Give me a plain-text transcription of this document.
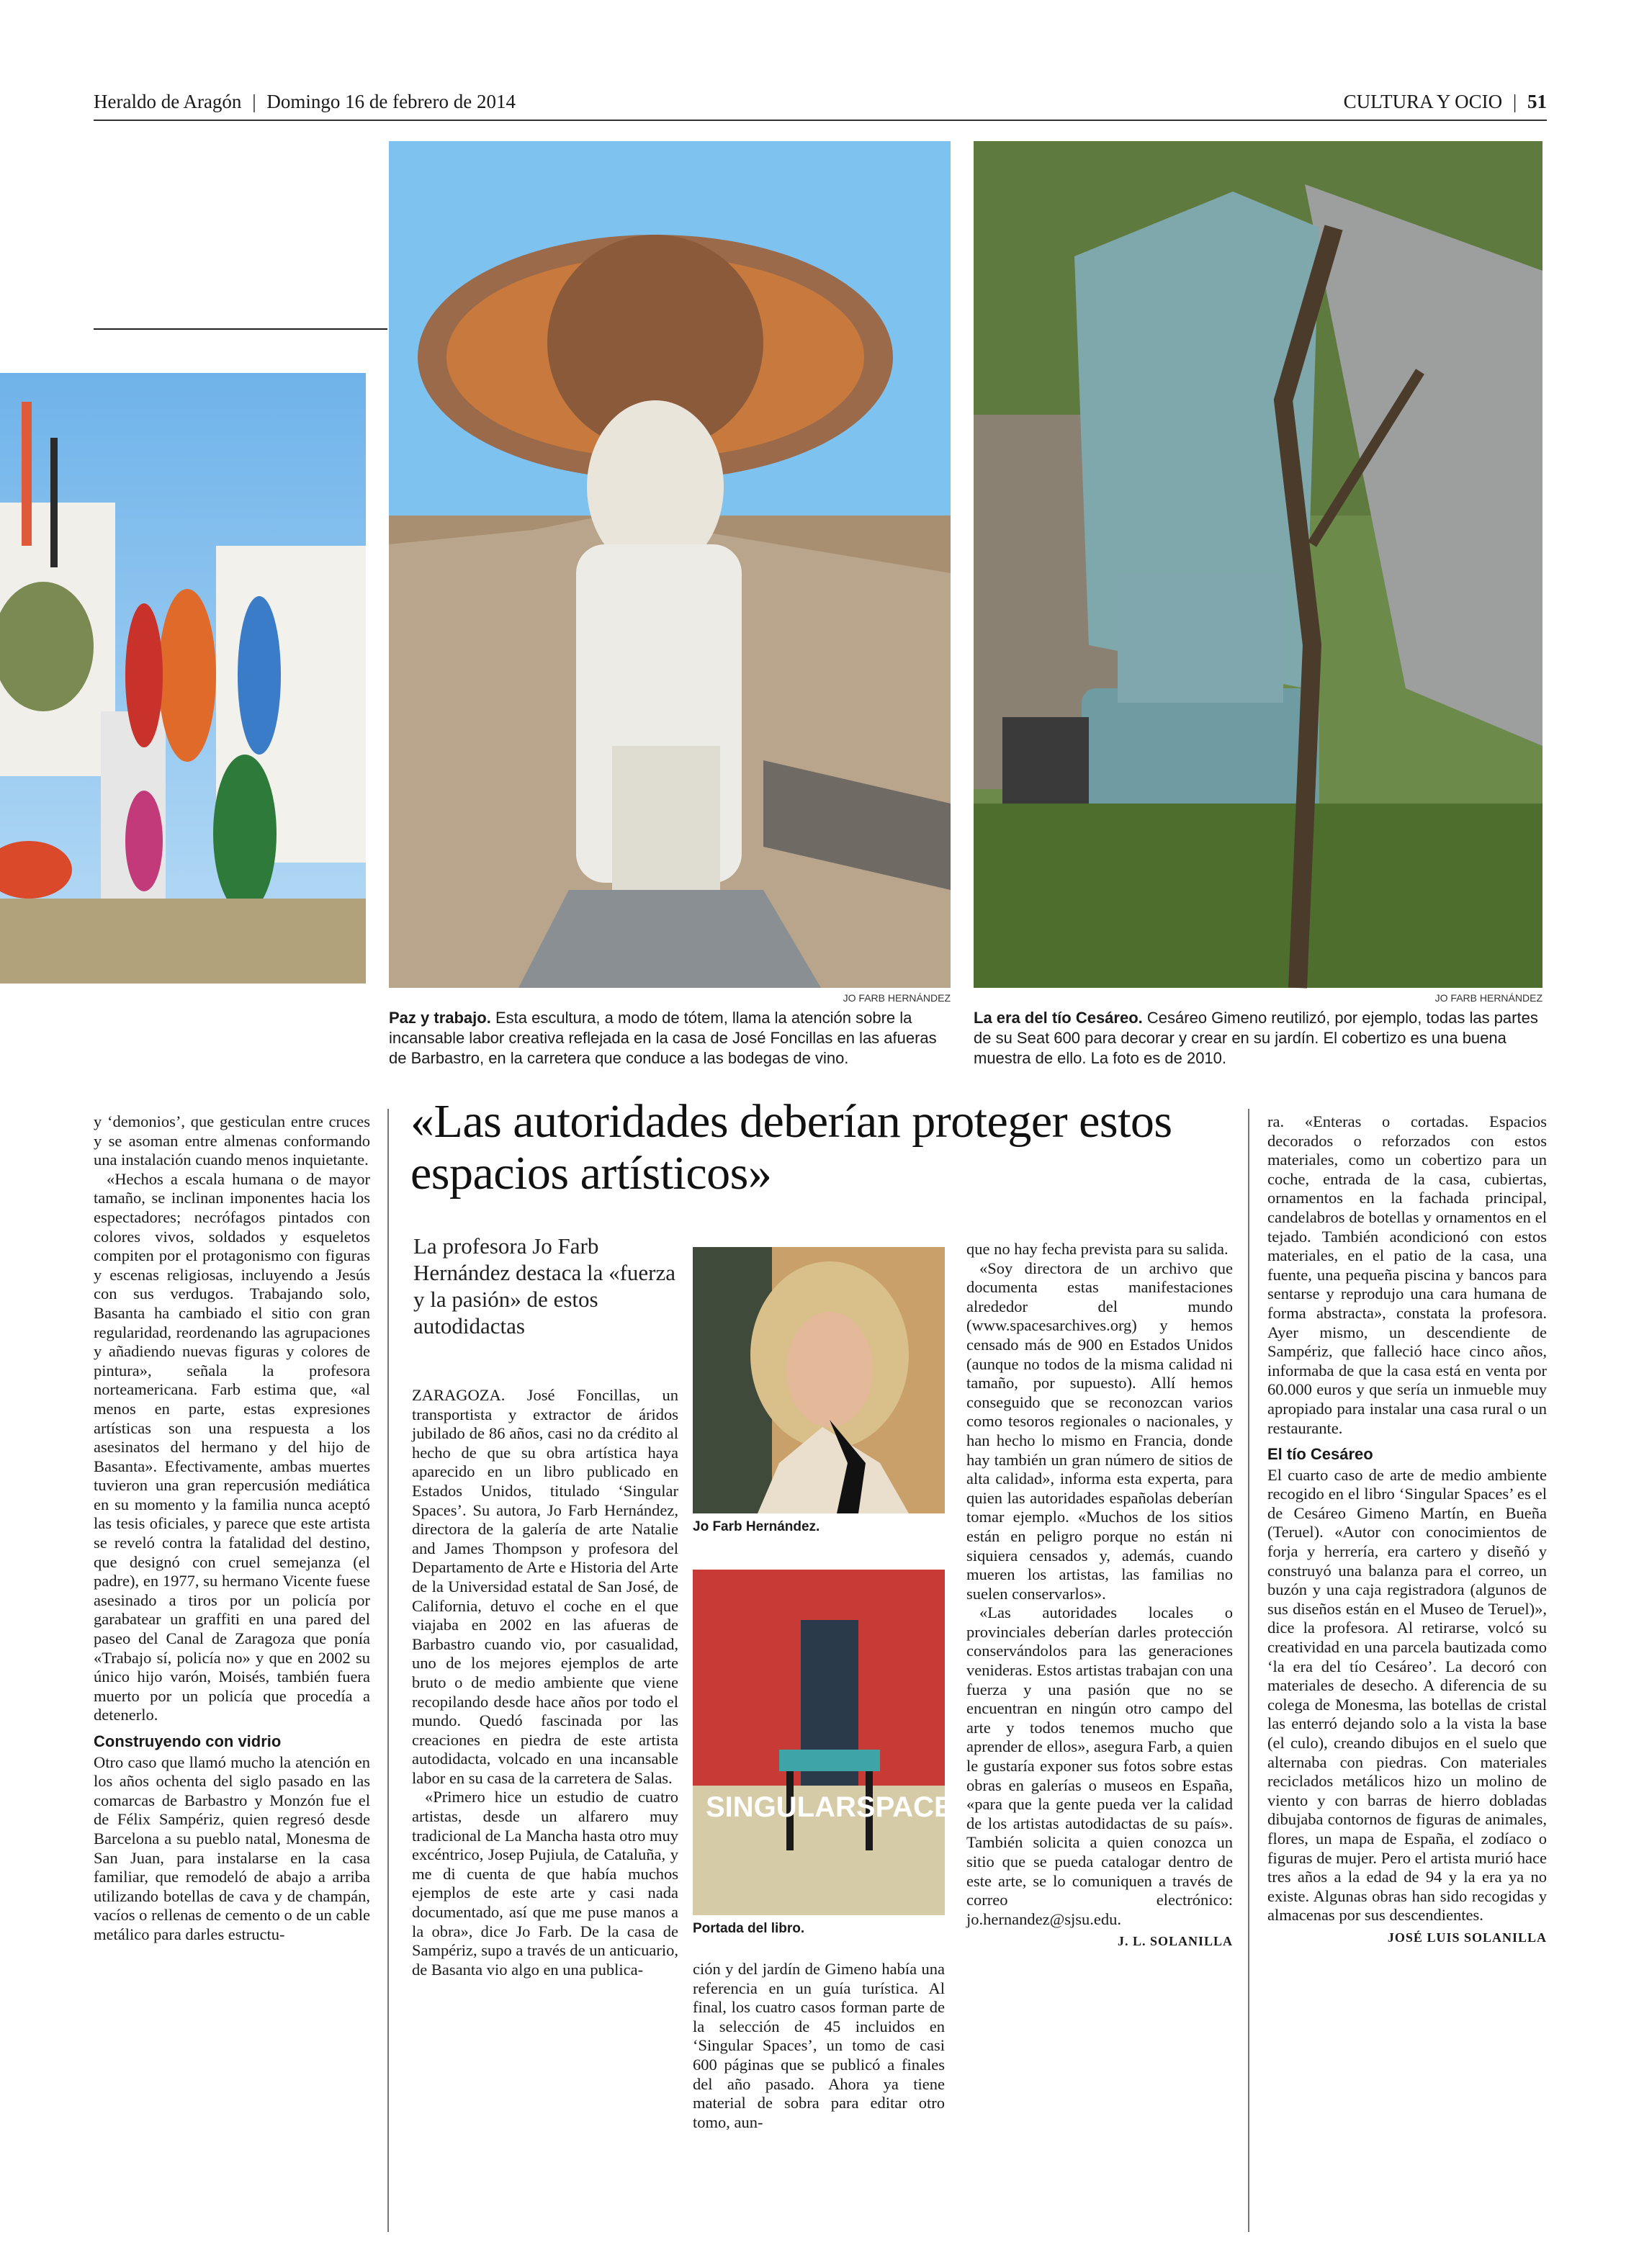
Heraldo de Aragón | Domingo 16 de febrero de 2014	CULTURA Y OCIO | 51
JO FARB HERNÁNDEZ	JO FARB HERNÁNDEZ
Paz y trabajo. Esta escultura, a modo de tótem, llama la atención sobre la incansable labor creativa reflejada en la casa de José Foncillas en las afueras de Barbastro, en la carretera que conduce a las bodegas de vino.
La era del tío Cesáreo. Cesáreo Gimeno reutilizó, por ejemplo, todas las partes de su Seat 600 para decorar y crear en su jardín. El cobertizo es una buena muestra de ello. La foto es de 2010.

y ‘demonios’, que gesticulan entre cruces y se asoman entre almenas conformando una instalación cuando menos inquietante.

«Hechos a escala humana o de mayor tamaño, se inclinan imponentes hacia los espectadores; necrófagos pintados con colores vivos, soldados y esqueletos compiten por el protagonismo con figuras y escenas religiosas, incluyendo a Jesús con sus verdugos. Trabajando solo, Basanta ha cambiado el sitio con gran regularidad, reordenando las agrupaciones y añadiendo nuevas figuras y colores de pintura», señala la profesora norteamericana. Farb estima que, «al menos en parte, estas expresiones artísticas son una respuesta a los asesinatos del hermano y del hijo de Basanta». Efectivamente, ambas muertes tuvieron una gran repercusión mediática en su momento y la familia nunca aceptó las tesis oficiales, y parece que este artista se reveló contra la fatalidad del destino, que designó con cruel semejanza (el padre), en 1977, su hermano Vicente fuese asesinado a tiros por un policía por garabatear un graffiti en una pared del paseo del Canal de Zaragoza que ponía «Trabajo sí, policía no» y que en 2002 su único hijo varón, Moisés, también fuera muerto por un policía que procedía a detenerlo.

Construyendo con vidrio

Otro caso que llamó mucho la atención en los años ochenta del siglo pasado en las comarcas de Barbastro y Monzón fue el de Félix Sampériz, quien regresó desde Barcelona a su pueblo natal, Monesma de San Juan, para instalarse en la casa familiar, que remodeló de abajo a arriba utilizando botellas de cava y de champán, vacíos o rellenas de cemento o de un cable metálico para darles estructu-

«Las autoridades deberían proteger estos espacios artísticos»
La profesora Jo Farb Hernández destaca la «fuerza y la pasión» de estos autodidactas

ZARAGOZA. José Foncillas, un transportista y extractor de áridos jubilado de 86 años, casi no da crédito al hecho de que su obra artística haya aparecido en un libro publicado en Estados Unidos, titulado ‘Singular Spaces’. Su autora, Jo Farb Hernández, directora de la galería de arte Natalie and James Thompson y profesora del Departamento de Arte e Historia del Arte de la Universidad estatal de San José, de California, detuvo el coche en el que viajaba en 2002 en las afueras de Barbastro cuando vio, por casualidad, uno de los mejores ejemplos de arte bruto o de medio ambiente que viene recopilando desde hace años por todo el mundo. Quedó fascinada por las creaciones en piedra de este artista autodidacta, volcado en una incansable labor en su casa de la carretera de Salas.

«Primero hice un estudio de cuatro artistas, desde un alfarero muy tradicional de La Mancha hasta otro muy excéntrico, Josep Pujiula, de Cataluña, y me di cuenta de que había muchos ejemplos de este arte y casi nada documentado, así que me puse manos a la obra», dice Jo Farb. De la casa de Sampériz, supo a través de un anticuario, de Basanta vio algo en una publica-

Jo Farb Hernández.
SINGULARSPACES
Portada del libro.

ción y del jardín de Gimeno había una referencia en un guía turística. Al final, los cuatro casos forman parte de la selección de 45 incluidos en ‘Singular Spaces’, un tomo de casi 600 páginas que se publicó a finales del año pasado. Ahora ya tiene material de sobra para editar otro tomo, aun-

que no hay fecha prevista para su salida.

«Soy directora de un archivo que documenta estas manifestaciones alrededor del mundo (www.spacesarchives.org) y hemos censado más de 900 en Estados Unidos (aunque no todos de la misma calidad ni tamaño, por supuesto). Allí hemos conseguido que se reconozcan varios como tesoros regionales o nacionales, y han hecho lo mismo en Francia, donde hay también un gran número de sitios de alta calidad», informa esta experta, para quien las autoridades españolas deberían tomar ejemplo. «Muchos de los sitios están en peligro porque no están ni siquiera censados y, además, cuando mueren los artistas, las familias no suelen conservarlos».

«Las autoridades locales o provinciales deberían darles protección conservándolos para las generaciones venideras. Estos artistas trabajan con una fuerza y una pasión que no se encuentran en ningún otro campo del arte y todos tenemos mucho que aprender de ellos», asegura Farb, a quien le gustaría exponer sus fotos sobre estas obras en galerías o museos en España, «para que la gente pueda ver la calidad de los artistas autodidactas de su país». También solicita a quien conozca un sitio que se pueda catalogar dentro de este arte, se lo comuniquen a través de correo electrónico: jo.hernandez@sjsu.edu.

J. L. SOLANILLA

ra. «Enteras o cortadas. Espacios decorados o reforzados con estos materiales, como un cobertizo para un coche, entrada de la casa, cubiertas, ornamentos en la fachada principal, candelabros de botellas y ornamentos en el tejado. También acondicionó con estos materiales, en el patio de la casa, una fuente, una pequeña piscina y bancos para sentarse y reprodujo una cara humana de forma abstracta», constata la profesora. Ayer mismo, un descendiente de Sampériz, que falleció hace cinco años, informaba de que la casa está en venta por 60.000 euros y que sería un inmueble muy apropiado para instalar una casa rural o un restaurante.

El tío Cesáreo

El cuarto caso de arte de medio ambiente recogido en el libro ‘Singular Spaces’ es el de Cesáreo Gimeno Martín, en Bueña (Teruel). «Autor con conocimientos de forja y herrería, era cartero y diseñó y construyó una balanza para el correo, un buzón y una caja registradora (algunos de sus diseños están en el Museo de Teruel)», dice la profesora. Al retirarse, volcó su creatividad en una parcela bautizada como ‘la era del tío Cesáreo’. La decoró con materiales de desecho. A diferencia de su colega de Monesma, las botellas de cristal las enterró dejando solo a la vista la base (el culo), creando dibujos en el suelo que alternaba con piedras. Con materiales reciclados metálicos hizo un molino de viento y con barras de hierro dobladas dibujaba contornos de figuras de animales, flores, un mapa de España, el zodíaco o figuras de mujer. Pero el artista murió hace tres años a la edad de 94 y la era ya no existe. Algunas obras han sido recogidas y almacenas por sus descendientes.

JOSÉ LUIS SOLANILLA
